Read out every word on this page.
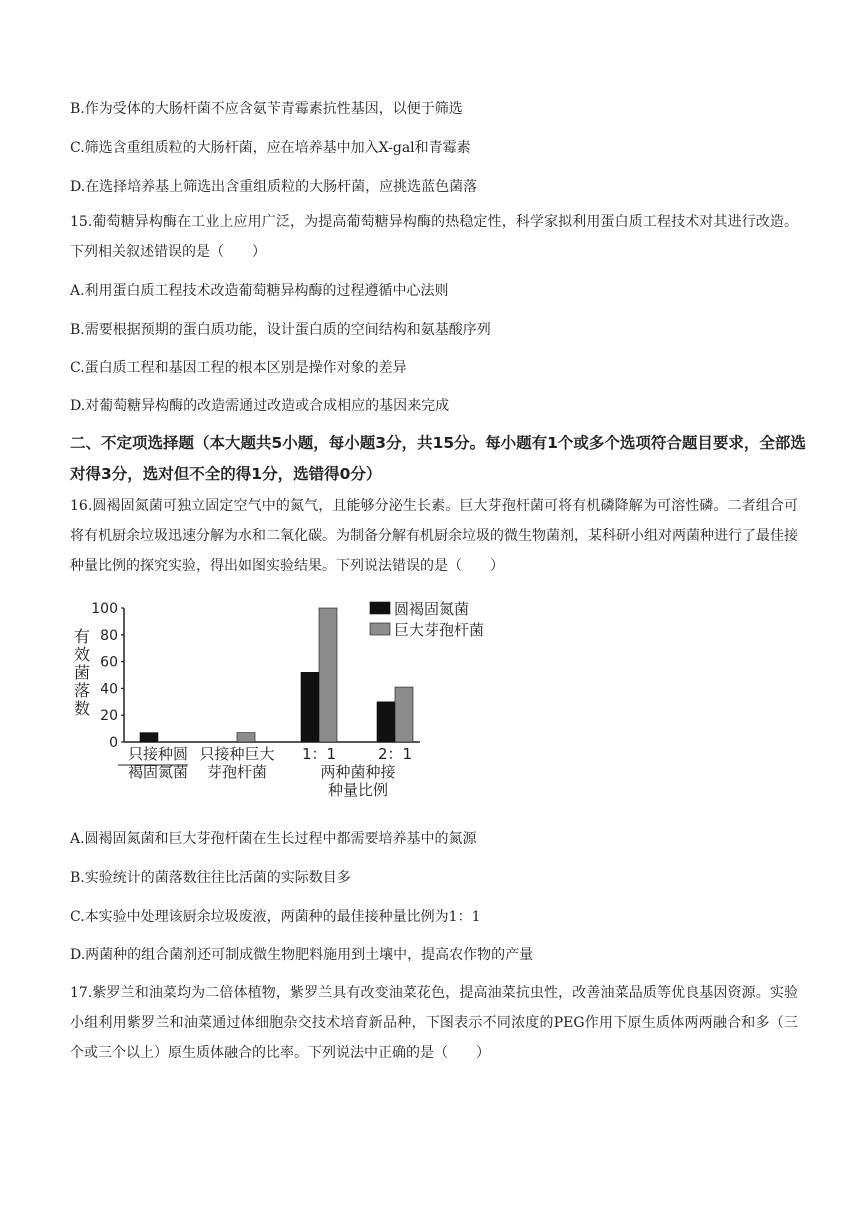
B.作为受体的大肠杆菌不应含氨苄青霉素抗性基因，以便于筛选
C.筛选含重组质粒的大肠杆菌，应在培养基中加入X-gal和青霉素
D.在选择培养基上筛选出含重组质粒的大肠杆菌，应挑选蓝色菌落
15.葡萄糖异构酶在工业上应用广泛，为提高葡萄糖异构酶的热稳定性，科学家拟利用蛋白质工程技术对其进行改造。下列相关叙述错误的是（　　）
A.利用蛋白质工程技术改造葡萄糖异构酶的过程遵循中心法则
B.需要根据预期的蛋白质功能，设计蛋白质的空间结构和氨基酸序列
C.蛋白质工程和基因工程的根本区别是操作对象的差异
D.对葡萄糖异构酶的改造需通过改造或合成相应的基因来完成
二、不定项选择题（本大题共5小题，每小题3分，共15分。每小题有1个或多个选项符合题目要求，全部选对得3分，选对但不全的得1分，选错得0分）
16.圆褐固氮菌可独立固定空气中的氮气，且能够分泌生长素。巨大芽孢杆菌可将有机磷降解为可溶性磷。二者组合可将有机厨余垃圾迅速分解为水和二氧化碳。为制备分解有机厨余垃圾的微生物菌剂，某科研小组对两菌种进行了最佳接种量比例的探究实验，得出如图实验结果。下列说法错误的是（　　）
有
效
菌
落
数
0
20
40
60
80
100
只接种圆
褐固氮菌
只接种巨大
芽孢杆菌
1：1	2：1
两种菌种接
种量比例
圆褐固氮菌
巨大芽孢杆菌
A.圆褐固氮菌和巨大芽孢杆菌在生长过程中都需要培养基中的氮源
B.实验统计的菌落数往往比活菌的实际数目多
C.本实验中处理该厨余垃圾废液，两菌种的最佳接种量比例为1：1
D.两菌种的组合菌剂还可制成微生物肥料施用到土壤中，提高农作物的产量
17.紫罗兰和油菜均为二倍体植物，紫罗兰具有改变油菜花色，提高油菜抗虫性，改善油菜品质等优良基因资源。实验小组利用紫罗兰和油菜通过体细胞杂交技术培育新品种，下图表示不同浓度的PEG作用下原生质体两两融合和多（三个或三个以上）原生质体融合的比率。下列说法中正确的是（　　）
